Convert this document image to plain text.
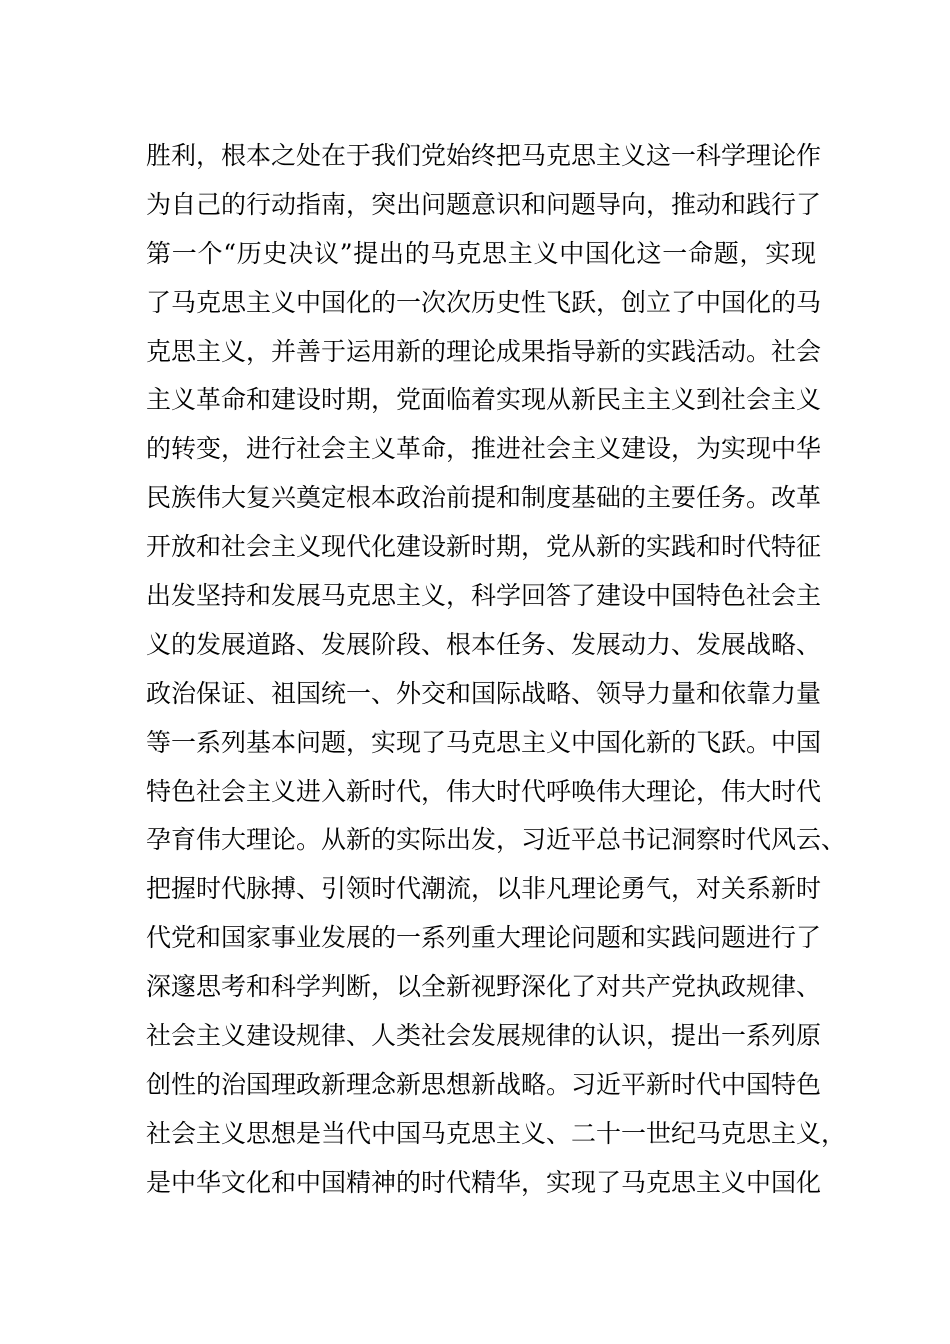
胜利，根本之处在于我们党始终把马克思主义这一科学理论作
为自己的行动指南，突出问题意识和问题导向，推动和践行了
第一个“历史决议”提出的马克思主义中国化这一命题，实现
了马克思主义中国化的一次次历史性飞跃，创立了中国化的马
克思主义，并善于运用新的理论成果指导新的实践活动。社会
主义革命和建设时期，党面临着实现从新民主主义到社会主义
的转变，进行社会主义革命，推进社会主义建设，为实现中华
民族伟大复兴奠定根本政治前提和制度基础的主要任务。改革
开放和社会主义现代化建设新时期，党从新的实践和时代特征
出发坚持和发展马克思主义，科学回答了建设中国特色社会主
义的发展道路、发展阶段、根本任务、发展动力、发展战略、
政治保证、祖国统一、外交和国际战略、领导力量和依靠力量
等一系列基本问题，实现了马克思主义中国化新的飞跃。中国
特色社会主义进入新时代，伟大时代呼唤伟大理论，伟大时代
孕育伟大理论。从新的实际出发，习近平总书记洞察时代风云、
把握时代脉搏、引领时代潮流，以非凡理论勇气，对关系新时
代党和国家事业发展的一系列重大理论问题和实践问题进行了
深邃思考和科学判断，以全新视野深化了对共产党执政规律、
社会主义建设规律、人类社会发展规律的认识，提出一系列原
创性的治国理政新理念新思想新战略。习近平新时代中国特色
社会主义思想是当代中国马克思主义、二十一世纪马克思主义，
是中华文化和中国精神的时代精华，实现了马克思主义中国化
